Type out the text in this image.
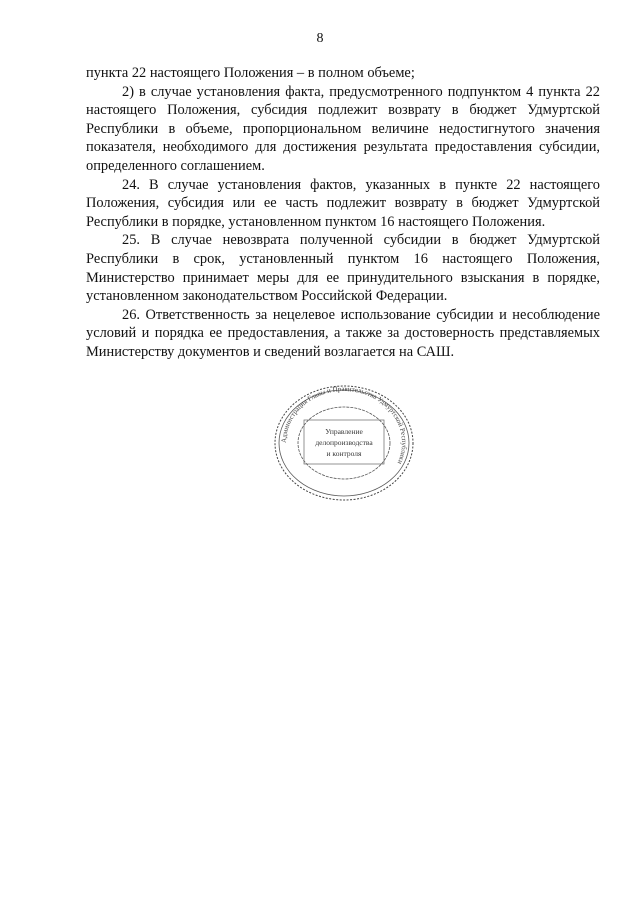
8

пункта 22 настоящего Положения – в полном объеме;

2) в случае установления факта, предусмотренного подпунктом 4 пункта 22 настоящего Положения, субсидия подлежит возврату в бюджет Удмуртской Республики в объеме, пропорциональном величине недостигнутого значения показателя, необходимого для достижения результата предоставления субсидии, определенного соглашением.

24. В случае установления фактов, указанных в пункте 22 настоящего Положения, субсидия или ее часть подлежит возврату в бюджет Удмуртской Республики в порядке, установленном пунктом 16 настоящего Положения.

25. В случае невозврата полученной субсидии в бюджет Удмуртской Республики в срок, установленный пунктом 16 настоящего Положения, Министерство принимает меры для ее принудительного взыскания в порядке, установленном законодательством Российской Федерации.

26. Ответственность за нецелевое использование субсидии и несоблюдение условий и порядка ее предоставления, а также за достоверность представляемых Министерству документов и сведений возлагается на САШ.

Администрация Главы и Правительства Удмуртской Республики
Управление
делопроизводства
и контроля
